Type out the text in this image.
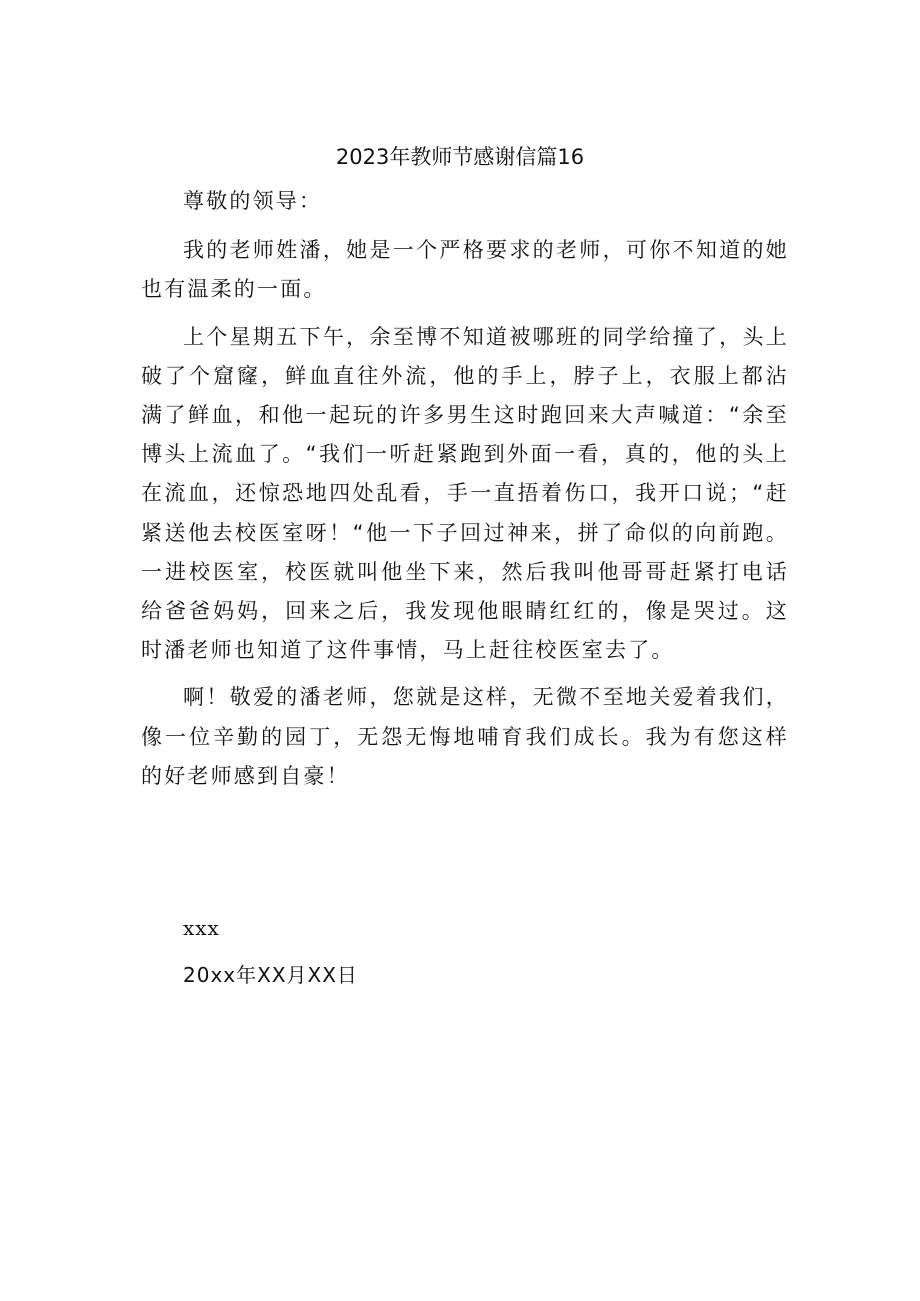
2023年教师节感谢信篇16

尊敬的领导：

我的老师姓潘，她是一个严格要求的老师，可你不知道的她也有温柔的一面。

上个星期五下午，余至博不知道被哪班的同学给撞了，头上破了个窟窿，鲜血直往外流，他的手上，脖子上，衣服上都沾满了鲜血，和他一起玩的许多男生这时跑回来大声喊道：“余至博头上流血了。“我们一听赶紧跑到外面一看，真的，他的头上在流血，还惊恐地四处乱看，手一直捂着伤口，我开口说；“赶紧送他去校医室呀！“他一下子回过神来，拼了命似的向前跑。一进校医室，校医就叫他坐下来，然后我叫他哥哥赶紧打电话给爸爸妈妈，回来之后，我发现他眼睛红红的，像是哭过。这时潘老师也知道了这件事情，马上赶往校医室去了。

啊！敬爱的潘老师，您就是这样，无微不至地关爱着我们，像一位辛勤的园丁，无怨无悔地哺育我们成长。我为有您这样的好老师感到自豪！

xxx
20xx年XX月XX日
